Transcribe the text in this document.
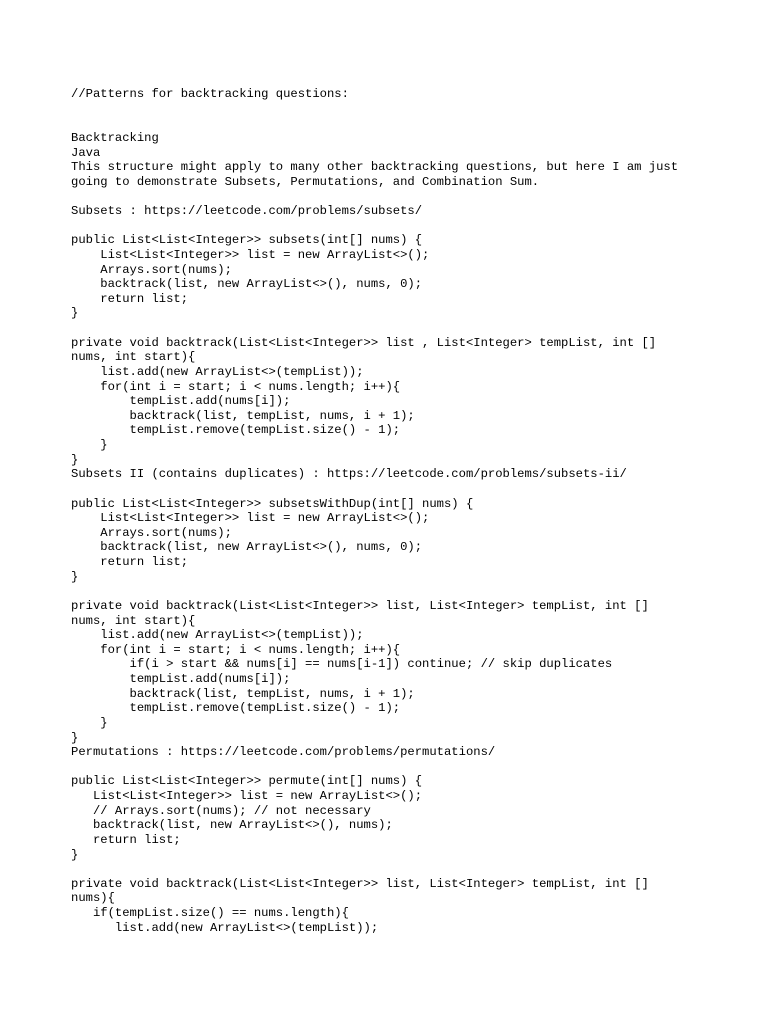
//Patterns for backtracking questions:

Backtracking
Java
This structure might apply to many other backtracking questions, but here I am just
going to demonstrate Subsets, Permutations, and Combination Sum.

Subsets : https://leetcode.com/problems/subsets/

public List<List<Integer>> subsets(int[] nums) {
List<List<Integer>> list = new ArrayList<>();
Arrays.sort(nums);
backtrack(list, new ArrayList<>(), nums, 0);
return list;
}

private void backtrack(List<List<Integer>> list , List<Integer> tempList, int []
nums, int start){
list.add(new ArrayList<>(tempList));
for(int i = start; i < nums.length; i++){
tempList.add(nums[i]);
backtrack(list, tempList, nums, i + 1);
tempList.remove(tempList.size() - 1);
}
}
Subsets II (contains duplicates) : https://leetcode.com/problems/subsets-ii/

public List<List<Integer>> subsetsWithDup(int[] nums) {
List<List<Integer>> list = new ArrayList<>();
Arrays.sort(nums);
backtrack(list, new ArrayList<>(), nums, 0);
return list;
}

private void backtrack(List<List<Integer>> list, List<Integer> tempList, int []
nums, int start){
list.add(new ArrayList<>(tempList));
for(int i = start; i < nums.length; i++){
if(i > start && nums[i] == nums[i-1]) continue; // skip duplicates
tempList.add(nums[i]);
backtrack(list, tempList, nums, i + 1);
tempList.remove(tempList.size() - 1);
}
}
Permutations : https://leetcode.com/problems/permutations/

public List<List<Integer>> permute(int[] nums) {
List<List<Integer>> list = new ArrayList<>();
// Arrays.sort(nums); // not necessary
backtrack(list, new ArrayList<>(), nums);
return list;
}

private void backtrack(List<List<Integer>> list, List<Integer> tempList, int []
nums){
if(tempList.size() == nums.length){
list.add(new ArrayList<>(tempList));
